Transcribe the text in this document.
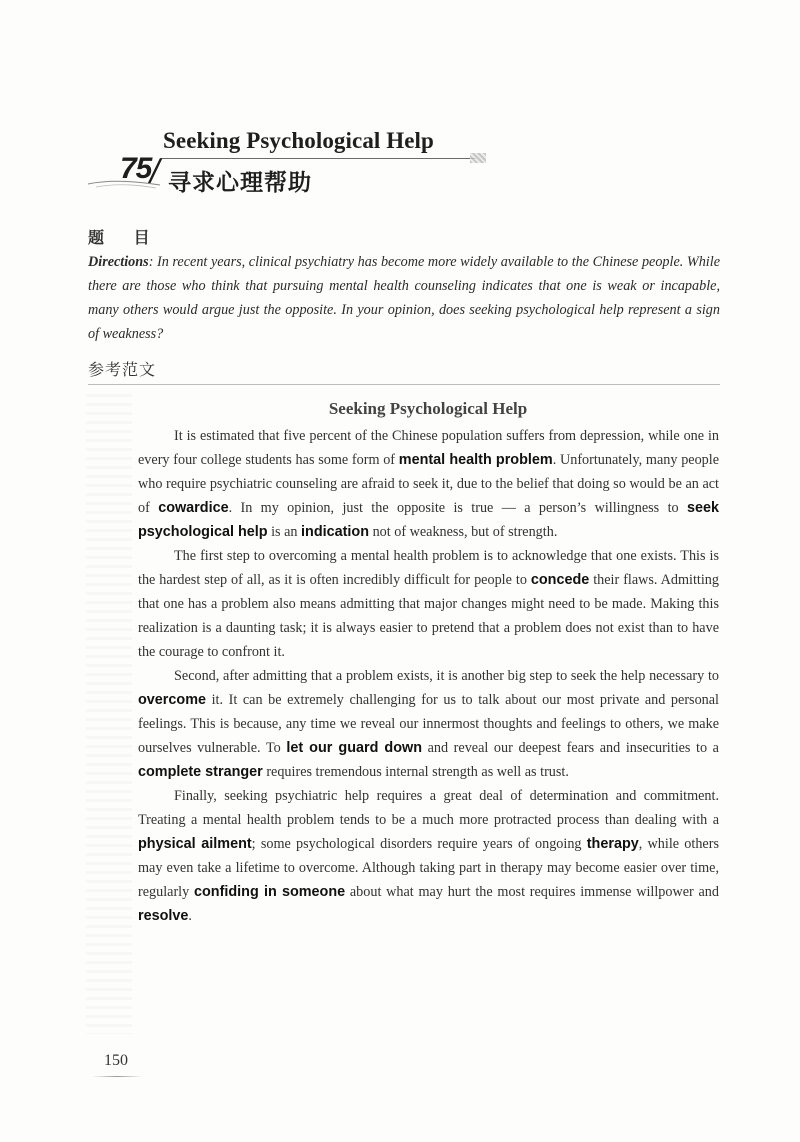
Seeking Psychological Help
75
/ 寻求心理帮助
题 目
Directions: In recent years, clinical psychiatry has become more widely available to the Chinese people. While there are those who think that pursuing mental health counseling indicates that one is weak or incapable, many others would argue just the opposite. In your opinion, does seeking psychological help represent a sign of weakness?
参考范文
Seeking Psychological Help

It is estimated that five percent of the Chinese population suffers from depression, while one in every four college students has some form of mental health problem. Unfortunately, many people who require psychiatric counseling are afraid to seek it, due to the belief that doing so would be an act of cowardice. In my opinion, just the opposite is true — a person’s willingness to seek psychological help is an indication not of weakness, but of strength.

The first step to overcoming a mental health problem is to acknowledge that one exists. This is the hardest step of all, as it is often incredibly difficult for people to concede their flaws. Admitting that one has a problem also means admitting that major changes might need to be made. Making this realization is a daunting task; it is always easier to pretend that a problem does not exist than to have the courage to confront it.

Second, after admitting that a problem exists, it is another big step to seek the help necessary to overcome it. It can be extremely challenging for us to talk about our most private and personal feelings. This is because, any time we reveal our innermost thoughts and feelings to others, we make ourselves vulnerable. To let our guard down and reveal our deepest fears and insecurities to a complete stranger requires tremendous internal strength as well as trust.

Finally, seeking psychiatric help requires a great deal of determination and commitment. Treating a mental health problem tends to be a much more protracted process than dealing with a physical ailment; some psychological disorders require years of ongoing therapy, while others may even take a lifetime to overcome. Although taking part in therapy may become easier over time, regularly confiding in someone about what may hurt the most requires immense willpower and resolve.

150
